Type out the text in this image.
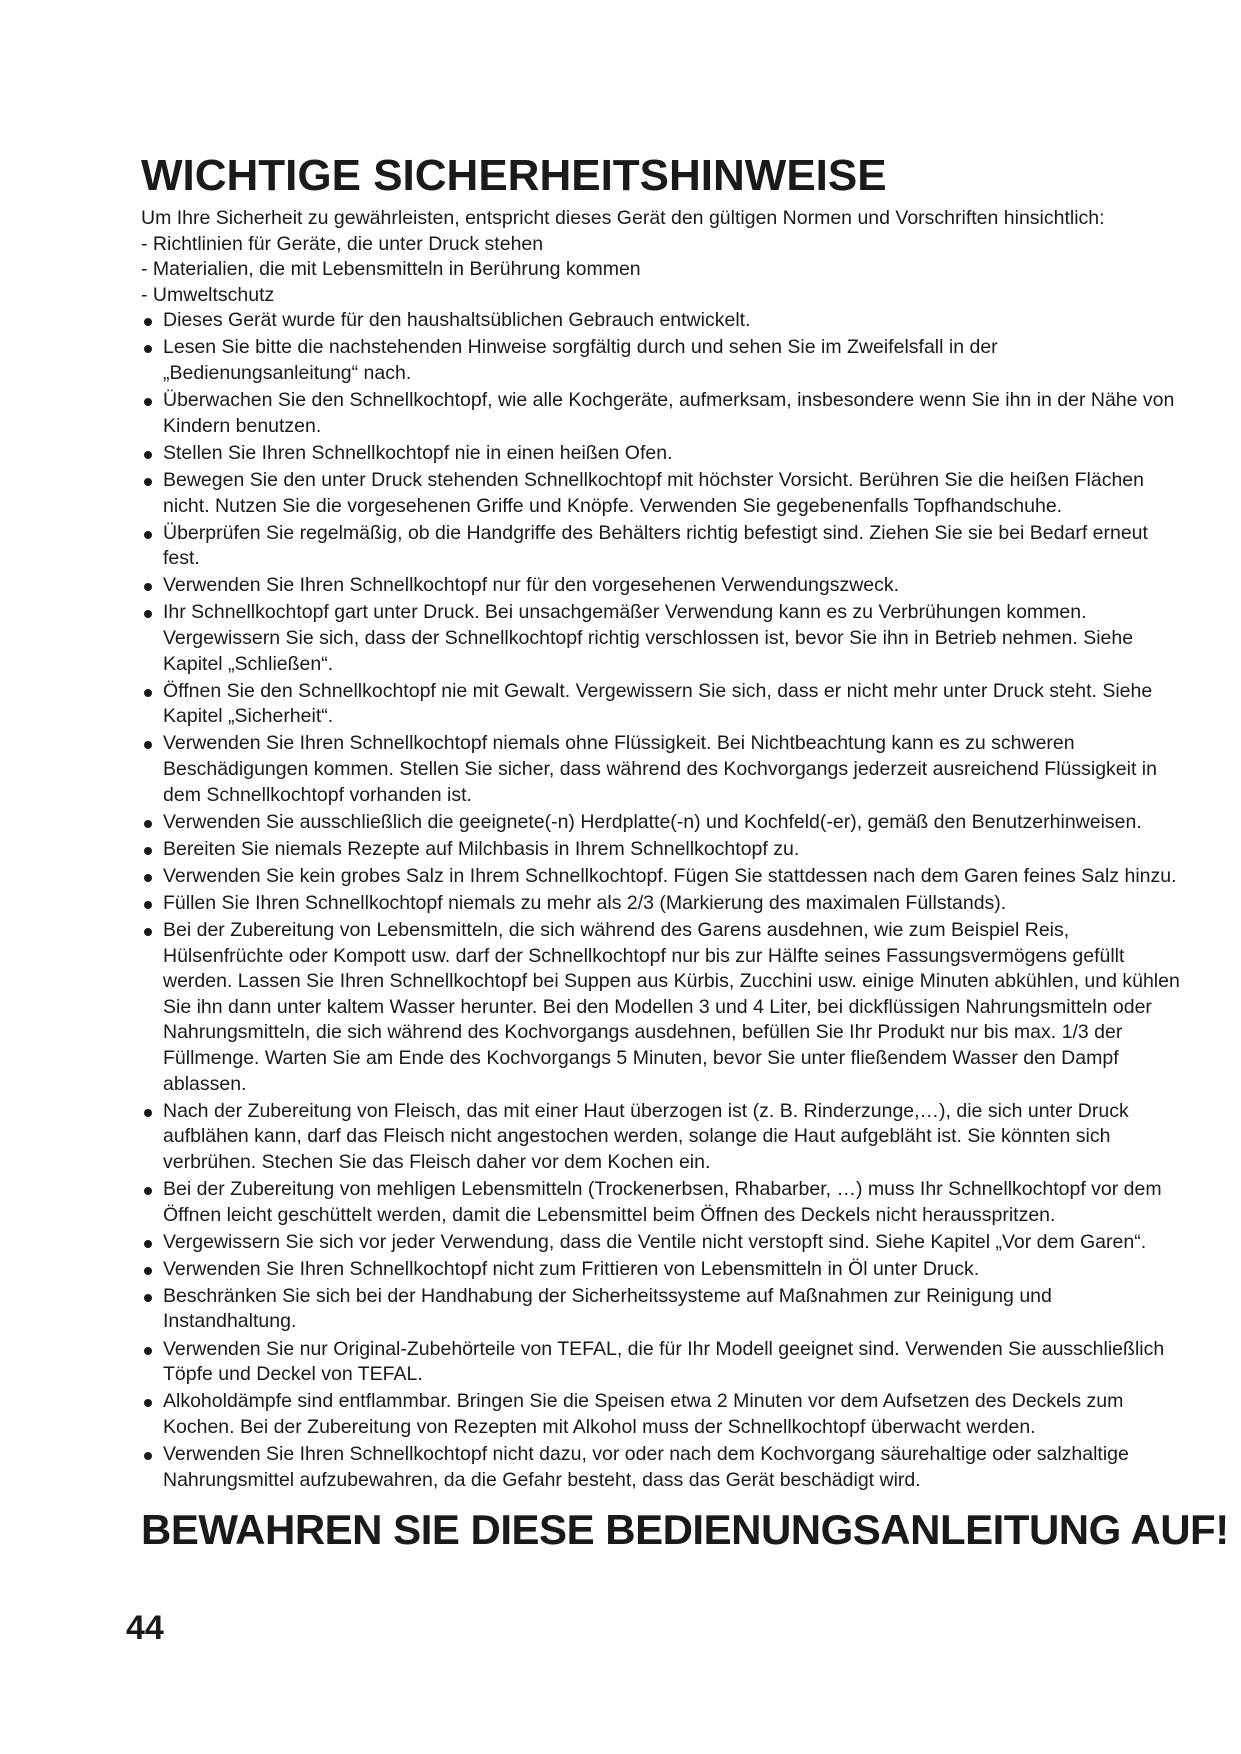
WICHTIGE SICHERHEITSHINWEISE

Um Ihre Sicherheit zu gewährleisten, entspricht dieses Gerät den gültigen Normen und Vorschriften hinsichtlich:

- Richtlinien für Geräte, die unter Druck stehen
- Materialien, die mit Lebensmitteln in Berührung kommen
- Umweltschutz
Dieses Gerät wurde für den haushaltsüblichen Gebrauch entwickelt.
Lesen Sie bitte die nachstehenden Hinweise sorgfältig durch und sehen Sie im Zweifelsfall in der „Bedienungsanleitung“ nach.
Überwachen Sie den Schnellkochtopf, wie alle Kochgeräte, aufmerksam, insbesondere wenn Sie ihn in der Nähe von Kindern benutzen.
Stellen Sie Ihren Schnellkochtopf nie in einen heißen Ofen.
Bewegen Sie den unter Druck stehenden Schnellkochtopf mit höchster Vorsicht. Berühren Sie die heißen Flächen nicht. Nutzen Sie die vorgesehenen Griffe und Knöpfe. Verwenden Sie gegebenenfalls Topfhandschuhe.
Überprüfen Sie regelmäßig, ob die Handgriffe des Behälters richtig befestigt sind. Ziehen Sie sie bei Bedarf erneut fest.
Verwenden Sie Ihren Schnellkochtopf nur für den vorgesehenen Verwendungszweck.
Ihr Schnellkochtopf gart unter Druck. Bei unsachgemäßer Verwendung kann es zu Verbrühungen kommen. Vergewissern Sie sich, dass der Schnellkochtopf richtig verschlossen ist, bevor Sie ihn in Betrieb nehmen. Siehe Kapitel „Schließen“.
Öffnen Sie den Schnellkochtopf nie mit Gewalt. Vergewissern Sie sich, dass er nicht mehr unter Druck steht. Siehe Kapitel „Sicherheit“.
Verwenden Sie Ihren Schnellkochtopf niemals ohne Flüssigkeit. Bei Nichtbeachtung kann es zu schweren Beschädigungen kommen. Stellen Sie sicher, dass während des Kochvorgangs jederzeit ausreichend Flüssigkeit in dem Schnellkochtopf vorhanden ist.
Verwenden Sie ausschließlich die geeignete(-n) Herdplatte(-n) und Kochfeld(-er), gemäß den Benutzerhinweisen.
Bereiten Sie niemals Rezepte auf Milchbasis in Ihrem Schnellkochtopf zu.
Verwenden Sie kein grobes Salz in Ihrem Schnellkochtopf. Fügen Sie stattdessen nach dem Garen feines Salz hinzu.
Füllen Sie Ihren Schnellkochtopf niemals zu mehr als 2/3 (Markierung des maximalen Füllstands).
Bei der Zubereitung von Lebensmitteln, die sich während des Garens ausdehnen, wie zum Beispiel Reis, Hülsenfrüchte oder Kompott usw. darf der Schnellkochtopf nur bis zur Hälfte seines Fassungsvermögens gefüllt werden. Lassen Sie Ihren Schnellkochtopf bei Suppen aus Kürbis, Zucchini usw. einige Minuten abkühlen, und kühlen Sie ihn dann unter kaltem Wasser herunter. Bei den Modellen 3 und 4 Liter, bei dickflüssigen Nahrungsmitteln oder Nahrungsmitteln, die sich während des Kochvorgangs ausdehnen, befüllen Sie Ihr Produkt nur bis max. 1/3 der Füllmenge. Warten Sie am Ende des Kochvorgangs 5 Minuten, bevor Sie unter fließendem Wasser den Dampf ablassen.
Nach der Zubereitung von Fleisch, das mit einer Haut überzogen ist (z. B. Rinderzunge,…), die sich unter Druck aufblähen kann, darf das Fleisch nicht angestochen werden, solange die Haut aufgebläht ist. Sie könnten sich verbrühen. Stechen Sie das Fleisch daher vor dem Kochen ein.
Bei der Zubereitung von mehligen Lebensmitteln (Trockenerbsen, Rhabarber, …) muss Ihr Schnellkochtopf vor dem Öffnen leicht geschüttelt werden, damit die Lebensmittel beim Öffnen des Deckels nicht herausspritzen.
Vergewissern Sie sich vor jeder Verwendung, dass die Ventile nicht verstopft sind. Siehe Kapitel „Vor dem Garen“.
Verwenden Sie Ihren Schnellkochtopf nicht zum Frittieren von Lebensmitteln in Öl unter Druck.
Beschränken Sie sich bei der Handhabung der Sicherheitssysteme auf Maßnahmen zur Reinigung und Instandhaltung.
Verwenden Sie nur Original-Zubehörteile von TEFAL, die für Ihr Modell geeignet sind. Verwenden Sie ausschließlich Töpfe und Deckel von TEFAL.
Alkoholdämpfe sind entflammbar. Bringen Sie die Speisen etwa 2 Minuten vor dem Aufsetzen des Deckels zum Kochen. Bei der Zubereitung von Rezepten mit Alkohol muss der Schnellkochtopf überwacht werden.
Verwenden Sie Ihren Schnellkochtopf nicht dazu, vor oder nach dem Kochvorgang säurehaltige oder salzhaltige Nahrungsmittel aufzubewahren, da die Gefahr besteht, dass das Gerät beschädigt wird.
BEWAHREN SIE DIESE BEDIENUNGSANLEITUNG AUF!
44
